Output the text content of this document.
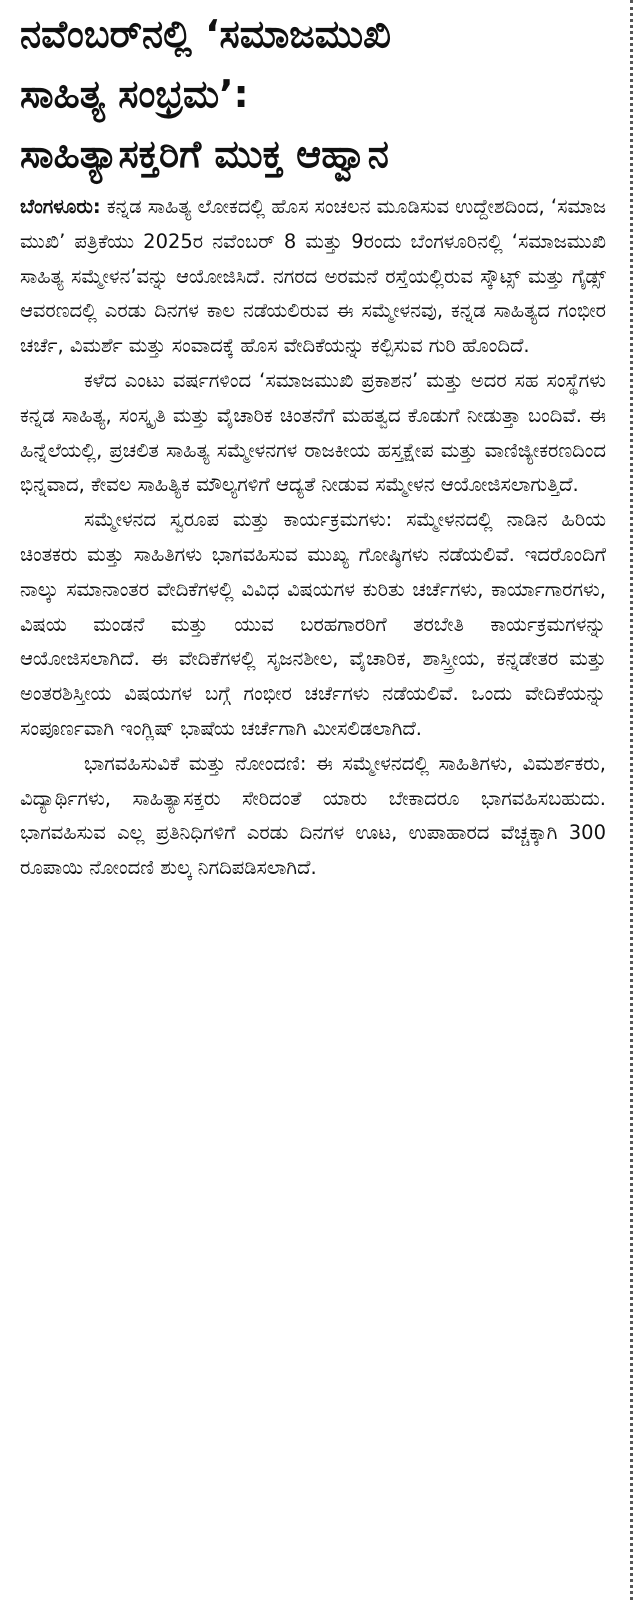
ನವೆಂಬರ್‌ನಲ್ಲಿ ‘ಸಮಾಜಮುಖಿ
ಸಾಹಿತ್ಯ ಸಂಭ್ರಮ’:
ಸಾಹಿತ್ಯಾಸಕ್ತರಿಗೆ ಮುಕ್ತ ಆಹ್ವಾನ

ಬೆಂಗಳೂರು: ಕನ್ನಡ ಸಾಹಿತ್ಯ ಲೋಕದಲ್ಲಿ ಹೊಸ ಸಂಚಲನ ಮೂಡಿಸುವ ಉದ್ದೇಶದಿಂದ, ‘ಸಮಾಜ ಮುಖಿ’ ಪತ್ರಿಕೆಯು 2025ರ ನವೆಂಬರ್ 8 ಮತ್ತು 9ರಂದು ಬೆಂಗಳೂರಿನಲ್ಲಿ ‘ಸಮಾಜಮುಖಿ ಸಾಹಿತ್ಯ ಸಮ್ಮೇಳನ’ವನ್ನು ಆಯೋಜಿಸಿದೆ. ನಗರದ ಅರಮನೆ ರಸ್ತೆಯಲ್ಲಿರುವ ಸ್ಕೌಟ್ಸ್ ಮತ್ತು ಗೈಡ್ಸ್ ಆವರಣದಲ್ಲಿ ಎರಡು ದಿನಗಳ ಕಾಲ ನಡೆಯಲಿರುವ ಈ ಸಮ್ಮೇಳನವು, ಕನ್ನಡ ಸಾಹಿತ್ಯದ ಗಂಭೀರ ಚರ್ಚೆ, ವಿಮರ್ಶೆ ಮತ್ತು ಸಂವಾದಕ್ಕೆ ಹೊಸ ವೇದಿಕೆಯನ್ನು ಕಲ್ಪಿಸುವ ಗುರಿ ಹೊಂದಿದೆ.

ಕಳೆದ ಎಂಟು ವರ್ಷಗಳಿಂದ ‘ಸಮಾಜಮುಖಿ ಪ್ರಕಾಶನ’ ಮತ್ತು ಅದರ ಸಹ ಸಂಸ್ಥೆಗಳು ಕನ್ನಡ ಸಾಹಿತ್ಯ, ಸಂಸ್ಕೃತಿ ಮತ್ತು ವೈಚಾರಿಕ ಚಿಂತನೆಗೆ ಮಹತ್ವದ ಕೊಡುಗೆ ನೀಡುತ್ತಾ ಬಂದಿವೆ. ಈ ಹಿನ್ನೆಲೆಯಲ್ಲಿ, ಪ್ರಚಲಿತ ಸಾಹಿತ್ಯ ಸಮ್ಮೇಳನಗಳ ರಾಜಕೀಯ ಹಸ್ತಕ್ಷೇಪ ಮತ್ತು ವಾಣಿಜ್ಯೀಕರಣದಿಂದ ಭಿನ್ನವಾದ, ಕೇವಲ ಸಾಹಿತ್ಯಿಕ ಮೌಲ್ಯಗಳಿಗೆ ಆದ್ಯತೆ ನೀಡುವ ಸಮ್ಮೇಳನ ಆಯೋಜಿಸಲಾಗುತ್ತಿದೆ.

ಸಮ್ಮೇಳನದ ಸ್ವರೂಪ ಮತ್ತು ಕಾರ್ಯಕ್ರಮಗಳು: ಸಮ್ಮೇಳನದಲ್ಲಿ ನಾಡಿನ ಹಿರಿಯ ಚಿಂತಕರು ಮತ್ತು ಸಾಹಿತಿಗಳು ಭಾಗವಹಿಸುವ ಮುಖ್ಯ ಗೋಷ್ಠಿಗಳು ನಡೆಯಲಿವೆ. ಇದರೊಂದಿಗೆ ನಾಲ್ಕು ಸಮಾನಾಂತರ ವೇದಿಕೆಗಳಲ್ಲಿ ವಿವಿಧ ವಿಷಯಗಳ ಕುರಿತು ಚರ್ಚೆಗಳು, ಕಾರ್ಯಾಗಾರಗಳು, ವಿಷಯ ಮಂಡನೆ ಮತ್ತು ಯುವ ಬರಹಗಾರರಿಗೆ ತರಬೇತಿ ಕಾರ್ಯಕ್ರಮಗಳನ್ನು ಆಯೋಜಿಸಲಾಗಿದೆ. ಈ ವೇದಿಕೆಗಳಲ್ಲಿ ಸೃಜನಶೀಲ, ವೈಚಾರಿಕ, ಶಾಸ್ತ್ರೀಯ, ಕನ್ನಡೇತರ ಮತ್ತು ಅಂತರಶಿಸ್ತೀಯ ವಿಷಯಗಳ ಬಗ್ಗೆ ಗಂಭೀರ ಚರ್ಚೆಗಳು ನಡೆಯಲಿವೆ. ಒಂದು ವೇದಿಕೆಯನ್ನು ಸಂಪೂರ್ಣವಾಗಿ ಇಂಗ್ಲಿಷ್ ಭಾಷೆಯ ಚರ್ಚೆಗಾಗಿ ಮೀಸಲಿಡಲಾಗಿದೆ.

ಭಾಗವಹಿಸುವಿಕೆ ಮತ್ತು ನೋಂದಣಿ: ಈ ಸಮ್ಮೇಳನದಲ್ಲಿ ಸಾಹಿತಿಗಳು, ವಿಮರ್ಶಕರು, ವಿದ್ಯಾರ್ಥಿಗಳು, ಸಾಹಿತ್ಯಾಸಕ್ತರು ಸೇರಿದಂತೆ ಯಾರು ಬೇಕಾದರೂ ಭಾಗವಹಿಸಬಹುದು. ಭಾಗವಹಿಸುವ ಎಲ್ಲ ಪ್ರತಿನಿಧಿಗಳಿಗೆ ಎರಡು ದಿನಗಳ ಊಟ, ಉಪಾಹಾರದ ವೆಚ್ಚಕ್ಕಾಗಿ 300 ರೂಪಾಯಿ ನೋಂದಣಿ ಶುಲ್ಕ ನಿಗದಿಪಡಿಸಲಾಗಿದೆ.
